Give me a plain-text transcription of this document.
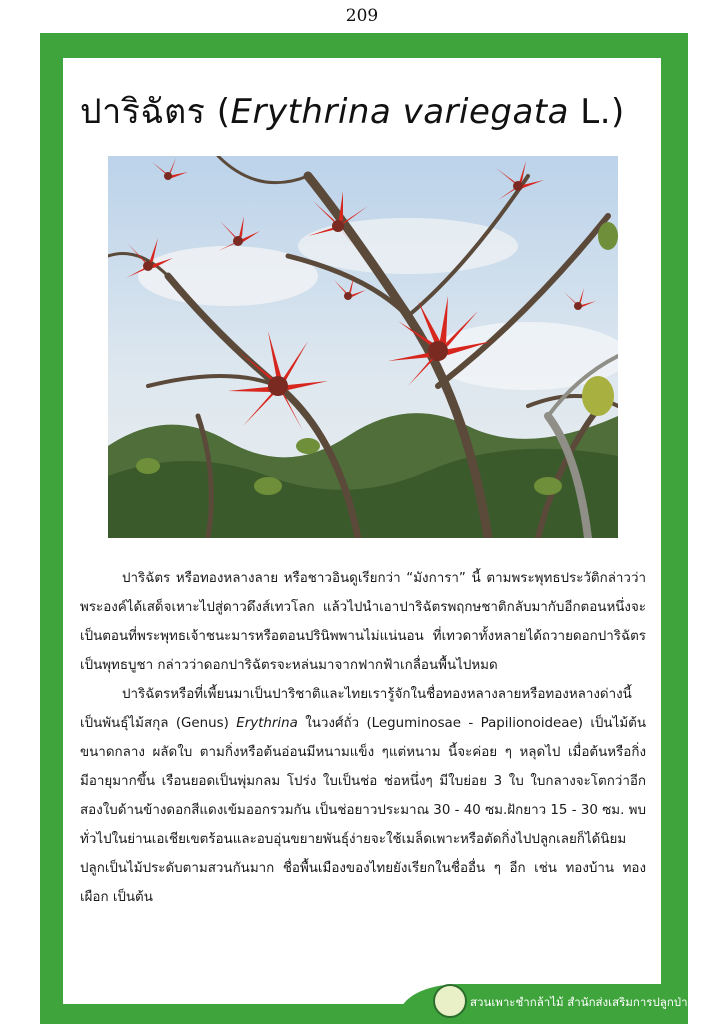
209
ปาริฉัตร (Erythrina variegata L.)

ปาริฉัตร หรือทองหลางลาย หรือชาวอินดูเรียกว่า “มังการา” นี้ ตามพระพุทธประวัติกล่าวว่า พระองค์ได้เสด็จเหาะไปสู่ดาวดึงส์เทวโลก แล้วไปนำเอาปาริฉัตรพฤกษชาติกลับมากับอีกตอนหนึ่งจะเป็นตอนที่พระพุทธเจ้าชนะมารหรือตอนปรินิพพานไม่แน่นอน ที่เทวดาทั้งหลายได้ถวายดอกปาริฉัตรเป็นพุทธบูชา กล่าวว่าดอกปาริฉัตรจะหล่นมาจากฟากฟ้าเกลื่อนพื้นไปหมด

ปาริฉัตรหรือที่เพี้ยนมาเป็นปาริชาติและไทยเรารู้จักในชื่อทองหลางลายหรือทองหลางด่างนี้ เป็นพันธุ์ไม้สกุล (Genus) Erythrina ในวงศ์ถั่ว (Leguminosae - Papilionoideae) เป็นไม้ต้นขนาดกลาง ผลัดใบ ตามกิ่งหรือต้นอ่อนมีหนามแข็ง ๆแต่หนาม นี้จะค่อย ๆ หลุดไป เมื่อต้นหรือกิ่งมีอายุมากขึ้น เรือนยอดเป็นพุ่มกลม โปร่ง ใบเป็นช่อ ช่อหนึ่งๆ มีใบย่อย 3 ใบ ใบกลางจะโตกว่าอีกสองใบด้านข้างดอกสีแดงเข้มออกรวมกัน เป็นช่อยาวประมาณ 30 - 40 ซม.ฝักยาว 15 - 30 ซม. พบทั่วไปในย่านเอเชียเขตร้อนและอบอุ่นขยายพันธุ์ง่ายจะใช้เมล็ดเพาะหรือตัดกิ่งไปปลูกเลยก็ได้นิยม ปลูกเป็นไม้ประดับตามสวนกันมาก ชื่อพื้นเมืองของไทยยังเรียกในชื่ออื่น ๆ อีก เช่น ทองบ้าน ทองเผือก เป็นต้น

สวนเพาะชำกล้าไม้ สำนักส่งเสริมการปลูกป่า
